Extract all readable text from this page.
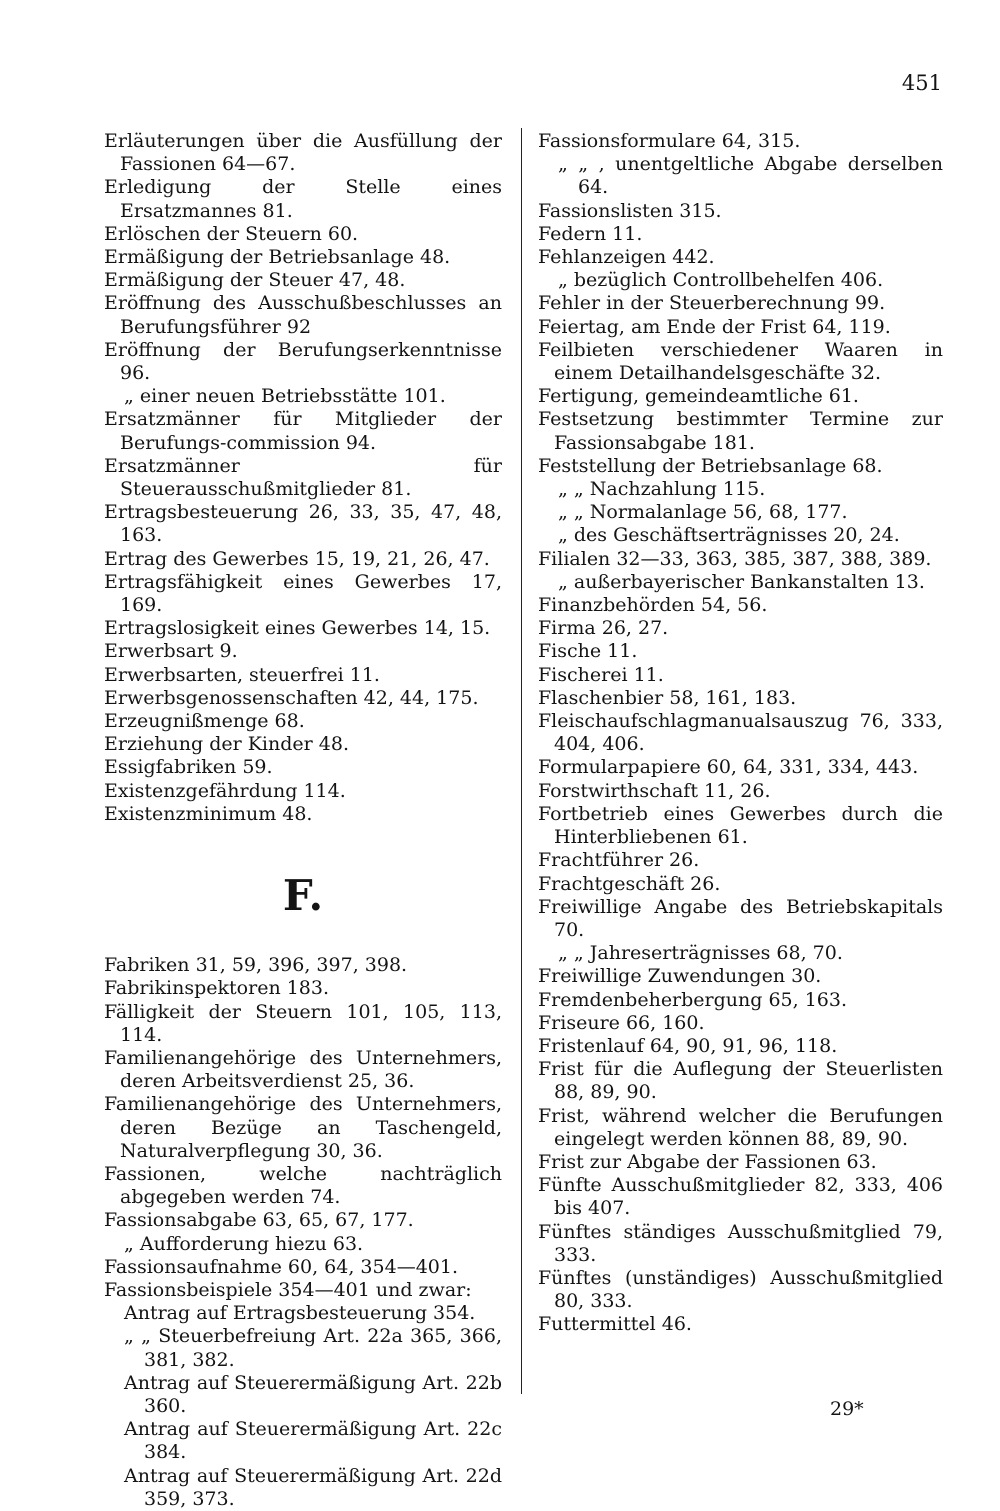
451
Erläuterungen über die Ausfüllung der Fassionen 64—67.
Erledigung der Stelle eines Ersatzmannes 81.
Erlöschen der Steuern 60.
Ermäßigung der Betriebsanlage 48.
Ermäßigung der Steuer 47, 48.
Eröffnung des Ausschußbeschlusses an Berufungsführer 92
Eröffnung der Berufungserkenntnisse 96.
„ einer neuen Betriebsstätte 101.
Ersatzmänner für Mitglieder der Berufungs-commission 94.
Ersatzmänner für Steuerausschußmitglieder 81.
Ertragsbesteuerung 26, 33, 35, 47, 48, 163.
Ertrag des Gewerbes 15, 19, 21, 26, 47.
Ertragsfähigkeit eines Gewerbes 17, 169.
Ertragslosigkeit eines Gewerbes 14, 15.
Erwerbsart 9.
Erwerbsarten, steuerfrei 11.
Erwerbsgenossenschaften 42, 44, 175.
Erzeugnißmenge 68.
Erziehung der Kinder 48.
Essigfabriken 59.
Existenzgefährdung 114.
Existenzminimum 48.
F.
Fabriken 31, 59, 396, 397, 398.
Fabrikinspektoren 183.
Fälligkeit der Steuern 101, 105, 113, 114.
Familienangehörige des Unternehmers, deren Arbeitsverdienst 25, 36.
Familienangehörige des Unternehmers, deren Bezüge an Taschengeld, Naturalverpflegung 30, 36.
Fassionen, welche nachträglich abgegeben werden 74.
Fassionsabgabe 63, 65, 67, 177.
„ Aufforderung hiezu 63.
Fassionsaufnahme 60, 64, 354—401.
Fassionsbeispiele 354—401 und zwar:
Antrag auf Ertragsbesteuerung 354.
„ „ Steuerbefreiung Art. 22a 365, 366, 381, 382.
Antrag auf Steuerermäßigung Art. 22b 360.
Antrag auf Steuerermäßigung Art. 22c 384.
Antrag auf Steuerermäßigung Art. 22d 359, 373.
Fassionsformulare 64, 315.
„ „ , unentgeltliche Abgabe derselben 64.
Fassionslisten 315.
Federn 11.
Fehlanzeigen 442.
„ bezüglich Controllbehelfen 406.
Fehler in der Steuerberechnung 99.
Feiertag, am Ende der Frist 64, 119.
Feilbieten verschiedener Waaren in einem Detailhandelsgeschäfte 32.
Fertigung, gemeindeamtliche 61.
Festsetzung bestimmter Termine zur Fassionsabgabe 181.
Feststellung der Betriebsanlage 68.
„ „ Nachzahlung 115.
„ „ Normalanlage 56, 68, 177.
„ des Geschäftserträgnisses 20, 24.
Filialen 32—33, 363, 385, 387, 388, 389.
„ außerbayerischer Bankanstalten 13.
Finanzbehörden 54, 56.
Firma 26, 27.
Fische 11.
Fischerei 11.
Flaschenbier 58, 161, 183.
Fleischaufschlagmanualsauszug 76, 333, 404, 406.
Formularpapiere 60, 64, 331, 334, 443.
Forstwirthschaft 11, 26.
Fortbetrieb eines Gewerbes durch die Hinterbliebenen 61.
Frachtführer 26.
Frachtgeschäft 26.
Freiwillige Angabe des Betriebskapitals 70.
„ „ Jahreserträgnisses 68, 70.
Freiwillige Zuwendungen 30.
Fremdenbeherbergung 65, 163.
Friseure 66, 160.
Fristenlauf 64, 90, 91, 96, 118.
Frist für die Auflegung der Steuerlisten 88, 89, 90.
Frist, während welcher die Berufungen eingelegt werden können 88, 89, 90.
Frist zur Abgabe der Fassionen 63.
Fünfte Ausschußmitglieder 82, 333, 406 bis 407.
Fünftes ständiges Ausschußmitglied 79, 333.
Fünftes (unständiges) Ausschußmitglied 80, 333.
Futtermittel 46.
29*
